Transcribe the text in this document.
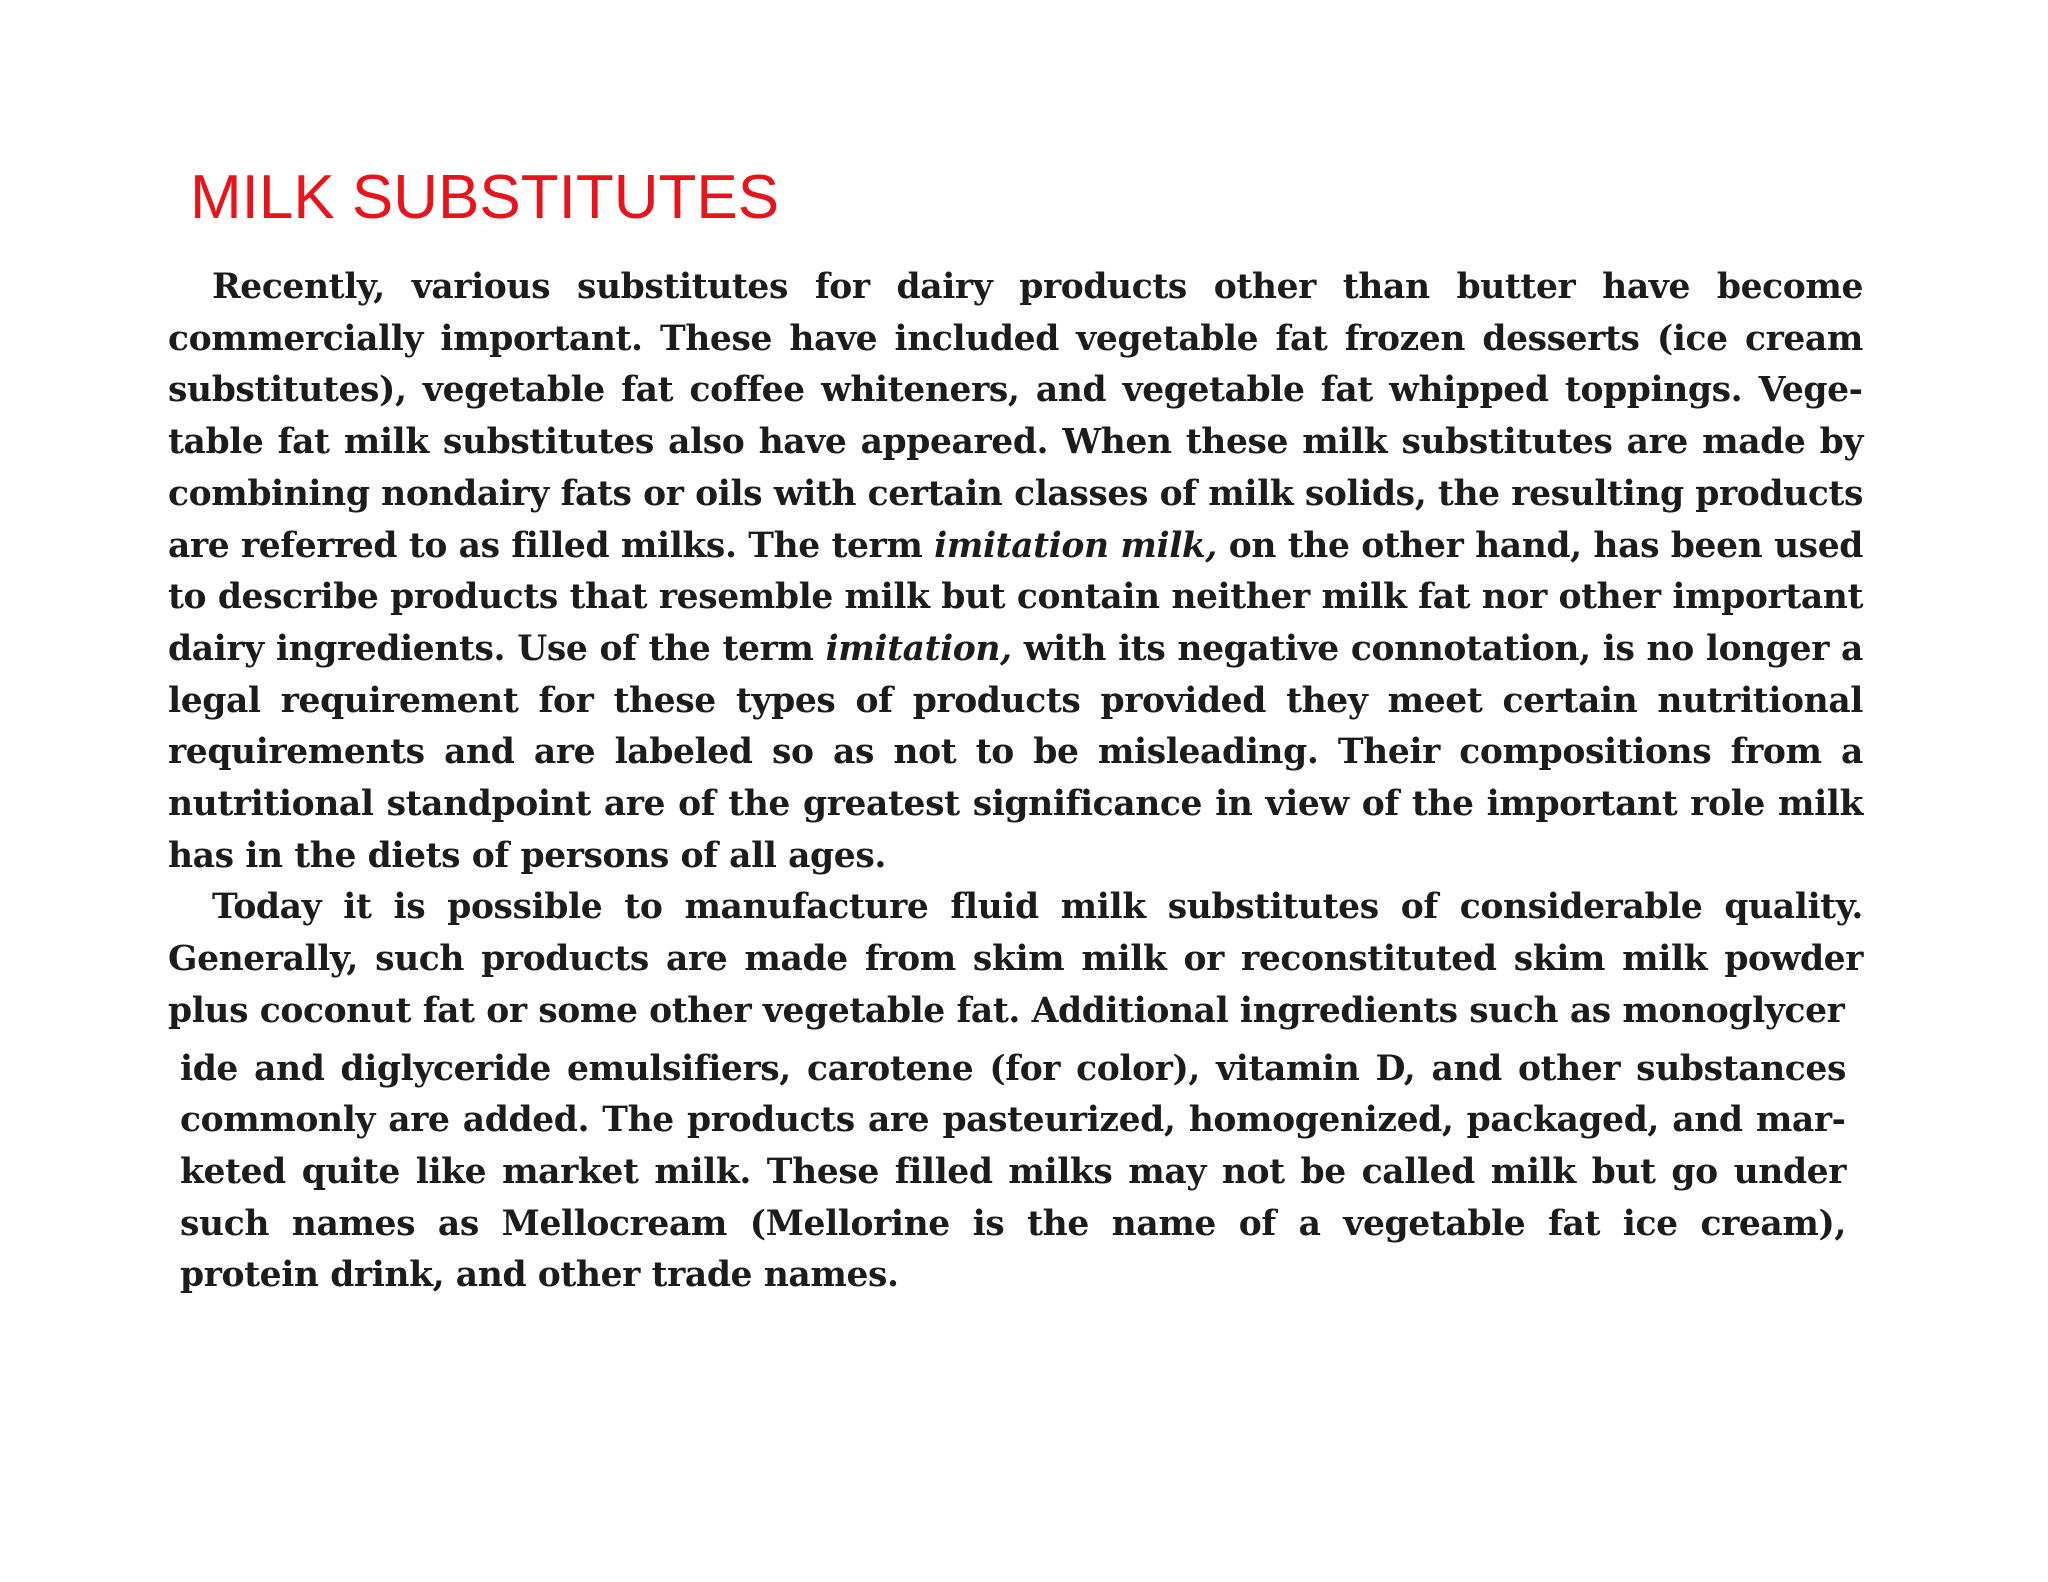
MILK SUBSTITUTES

Recently, various substitutes for dairy products other than butter have become commercially important. These have included vegetable fat frozen desserts (ice cream substitutes), vegetable fat coffee whiteners, and vegetable fat whipped toppings. Vegetable fat milk substitutes also have appeared. When these milk substitutes are made by combining nondairy fats or oils with certain classes of milk solids, the resulting products are referred to as filled milks. The term imitation milk, on the other hand, has been used to describe products that resemble milk but contain neither milk fat nor other important dairy ingredients. Use of the term imitation, with its negative connotation, is no longer a legal requirement for these types of products provided they meet certain nutritional requirements and are labeled so as not to be misleading. Their compositions from a nutritional standpoint are of the greatest significance in view of the important role milk has in the diets of persons of all ages.

Today it is possible to manufacture fluid milk substitutes of considerable quality. Generally, such products are made from skim milk or reconstituted skim milk powder plus coconut fat or some other vegetable fat. Additional ingredients such as monoglycer

ide and diglyceride emulsifiers, carotene (for color), vitamin D, and other substances commonly are added. The products are pasteurized, homogenized, packaged, and marketed quite like market milk. These filled milks may not be called milk but go under such names as Mellocream (Mellorine is the name of a vegetable fat ice cream), protein drink, and other trade names.
